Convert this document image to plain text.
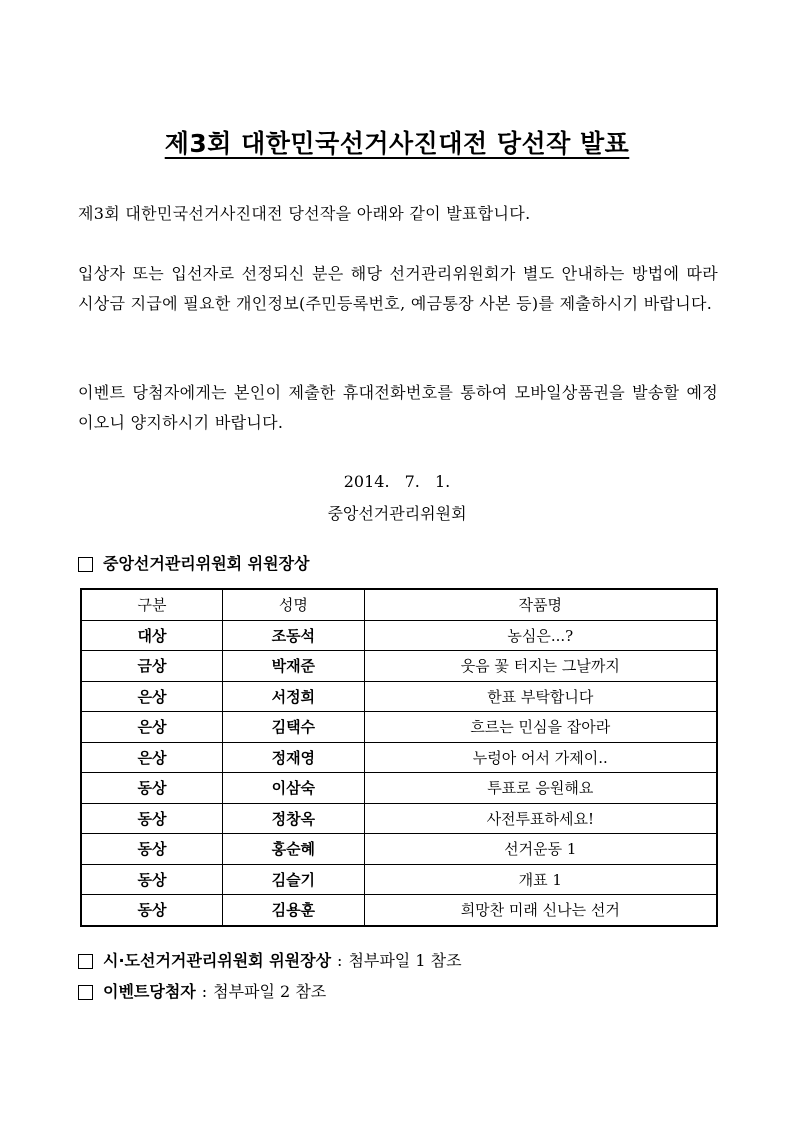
제3회 대한민국선거사진대전 당선작 발표
제3회 대한민국선거사진대전 당선작을 아래와 같이 발표합니다.
입상자 또는 입선자로 선정되신 분은 해당 선거관리위원회가 별도 안내하는 방법에 따라 시상금 지급에 필요한 개인정보(주민등록번호, 예금통장 사본 등)를 제출하시기 바랍니다.
이벤트 당첨자에게는 본인이 제출한 휴대전화번호를 통하여 모바일상품권을 발송할 예정이오니 양지하시기 바랍니다.
2014. 7. 1.
중앙선거관리위원회
중앙선거관리위원회 위원장상
구분	성명	작품명
대상	조동석	농심은...?
금상	박재준	웃음 꽃 터지는 그날까지
은상	서정희	한표 부탁합니다
은상	김택수	흐르는 민심을 잡아라
은상	정재영	누렁아 어서 가제이..
동상	이삼숙	투표로 응원해요
동상	정창옥	사전투표하세요!
동상	홍순혜	선거운동 1
동상	김슬기	개표 1
동상	김용훈	희망찬 미래 신나는 선거
시·도선거거관리위원회 위원장상 : 첨부파일 1 참조
이벤트당첨자 : 첨부파일 2 참조
